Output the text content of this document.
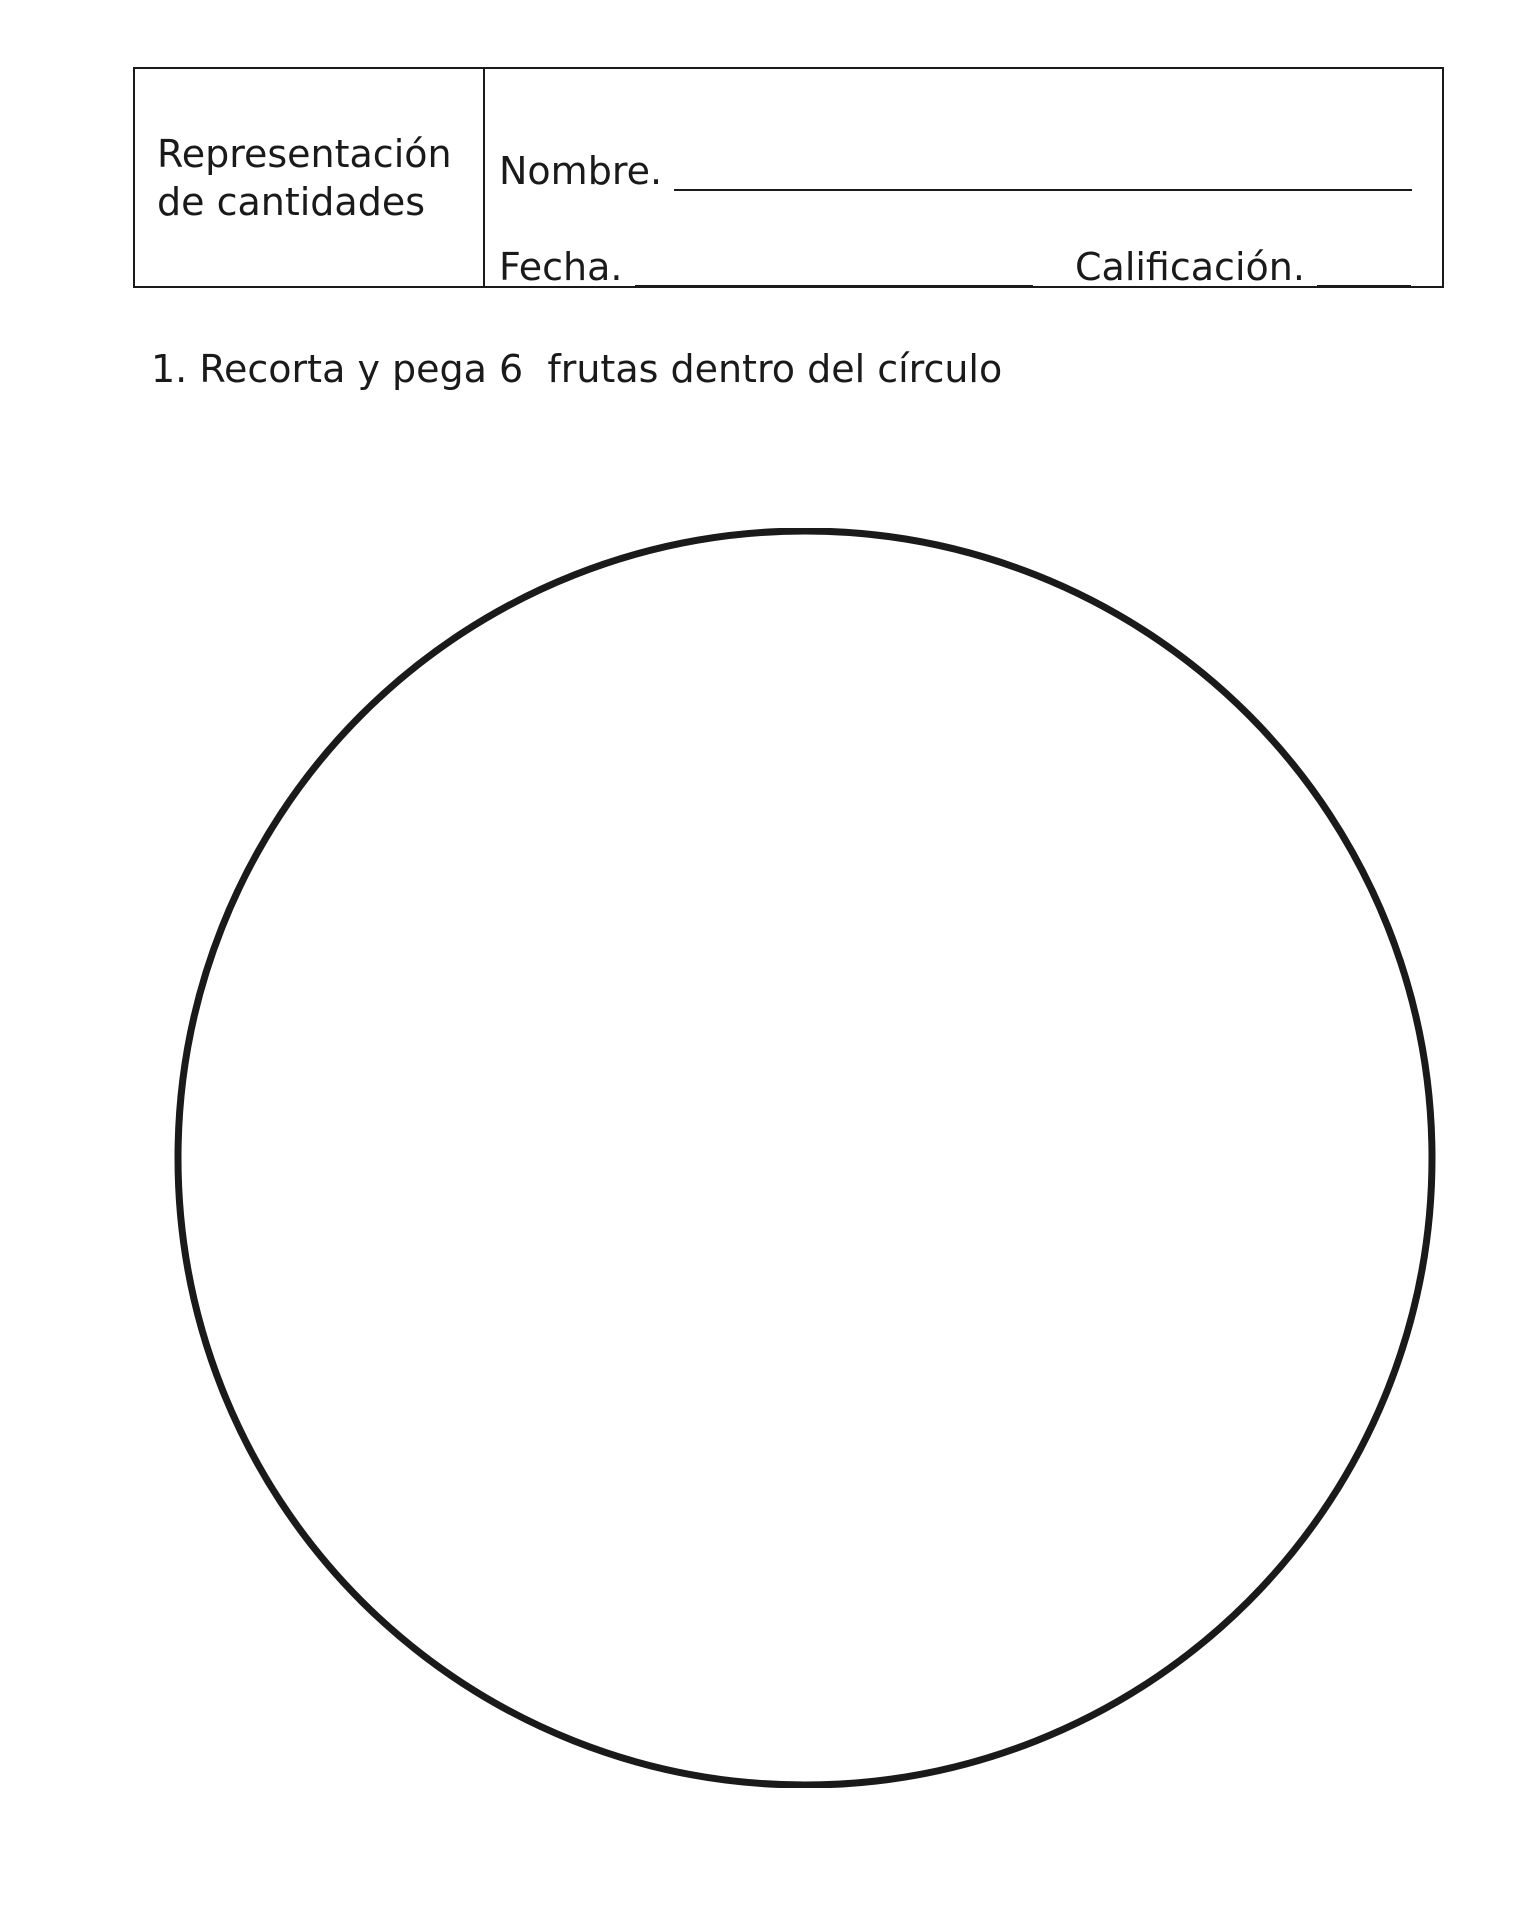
Representación
de cantidades
Nombre.
Fecha.	Calificación.

1. Recorta y pega 6  frutas dentro del círculo
